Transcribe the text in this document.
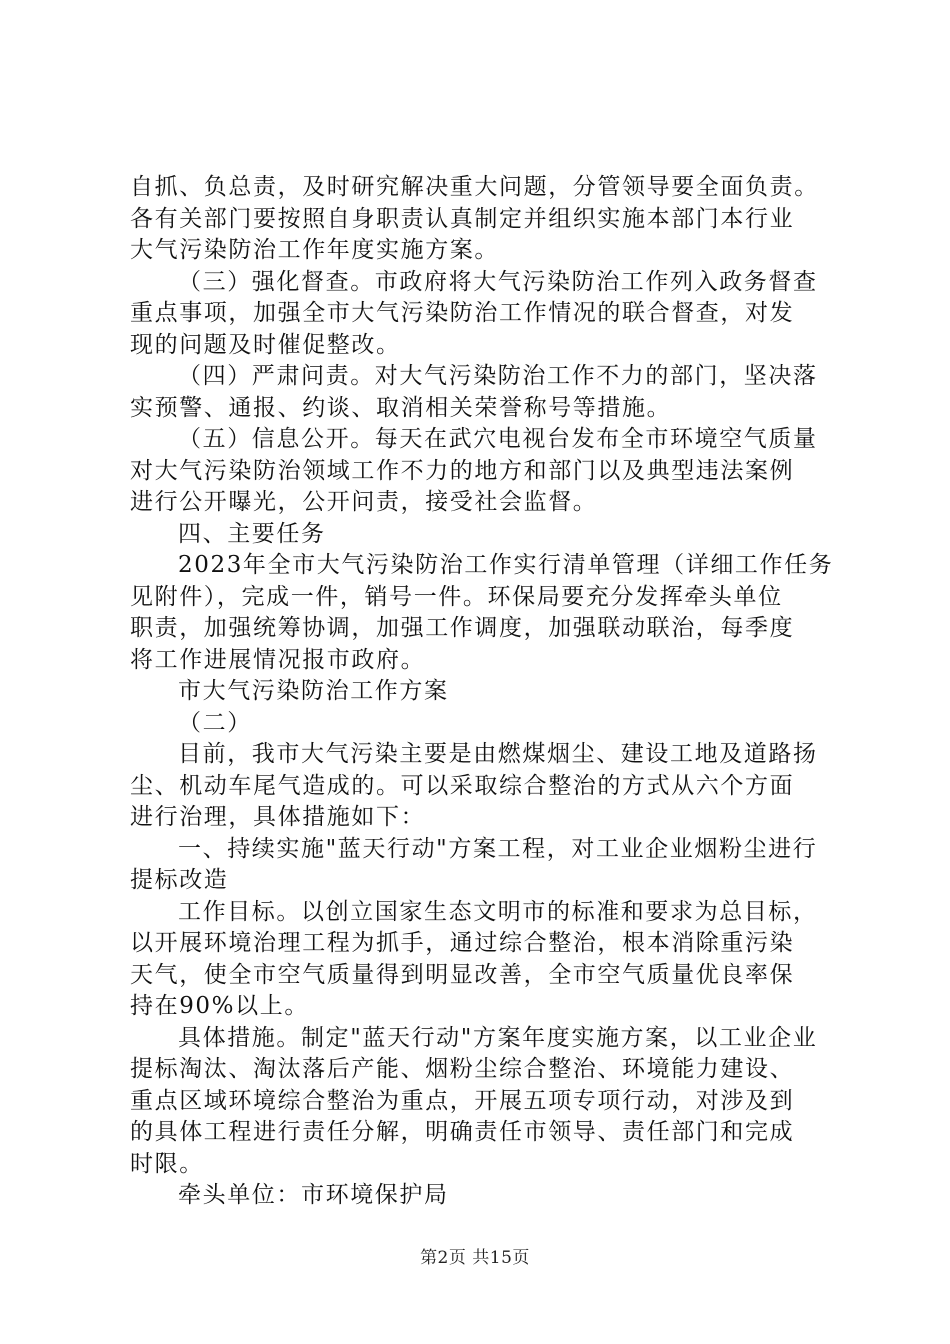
自抓、负总责，及时研究解决重大问题，分管领导要全面负责。
各有关部门要按照自身职责认真制定并组织实施本部门本行业
大气污染防治工作年度实施方案。
（三）强化督查。市政府将大气污染防治工作列入政务督查
重点事项，加强全市大气污染防治工作情况的联合督查，对发
现的问题及时催促整改。
（四）严肃问责。对大气污染防治工作不力的部门，坚决落
实预警、通报、约谈、取消相关荣誉称号等措施。
（五）信息公开。每天在武穴电视台发布全市环境空气质量
对大气污染防治领域工作不力的地方和部门以及典型违法案例
进行公开曝光，公开问责，接受社会监督。
四、主要任务
2023年全市大气污染防治工作实行清单管理（详细工作任务
见附件），完成一件，销号一件。环保局要充分发挥牵头单位
职责，加强统筹协调，加强工作调度，加强联动联治，每季度
将工作进展情况报市政府。
市大气污染防治工作方案
（二）
目前，我市大气污染主要是由燃煤烟尘、建设工地及道路扬
尘、机动车尾气造成的。可以采取综合整治的方式从六个方面
进行治理，具体措施如下：
一、持续实施"蓝天行动"方案工程，对工业企业烟粉尘进行
提标改造
工作目标。以创立国家生态文明市的标准和要求为总目标，
以开展环境治理工程为抓手，通过综合整治，根本消除重污染
天气，使全市空气质量得到明显改善，全市空气质量优良率保
持在90%以上。
具体措施。制定"蓝天行动"方案年度实施方案，以工业企业
提标淘汰、淘汰落后产能、烟粉尘综合整治、环境能力建设、
重点区域环境综合整治为重点，开展五项专项行动，对涉及到
的具体工程进行责任分解，明确责任市领导、责任部门和完成
时限。
牵头单位：市环境保护局
第2页 共15页
